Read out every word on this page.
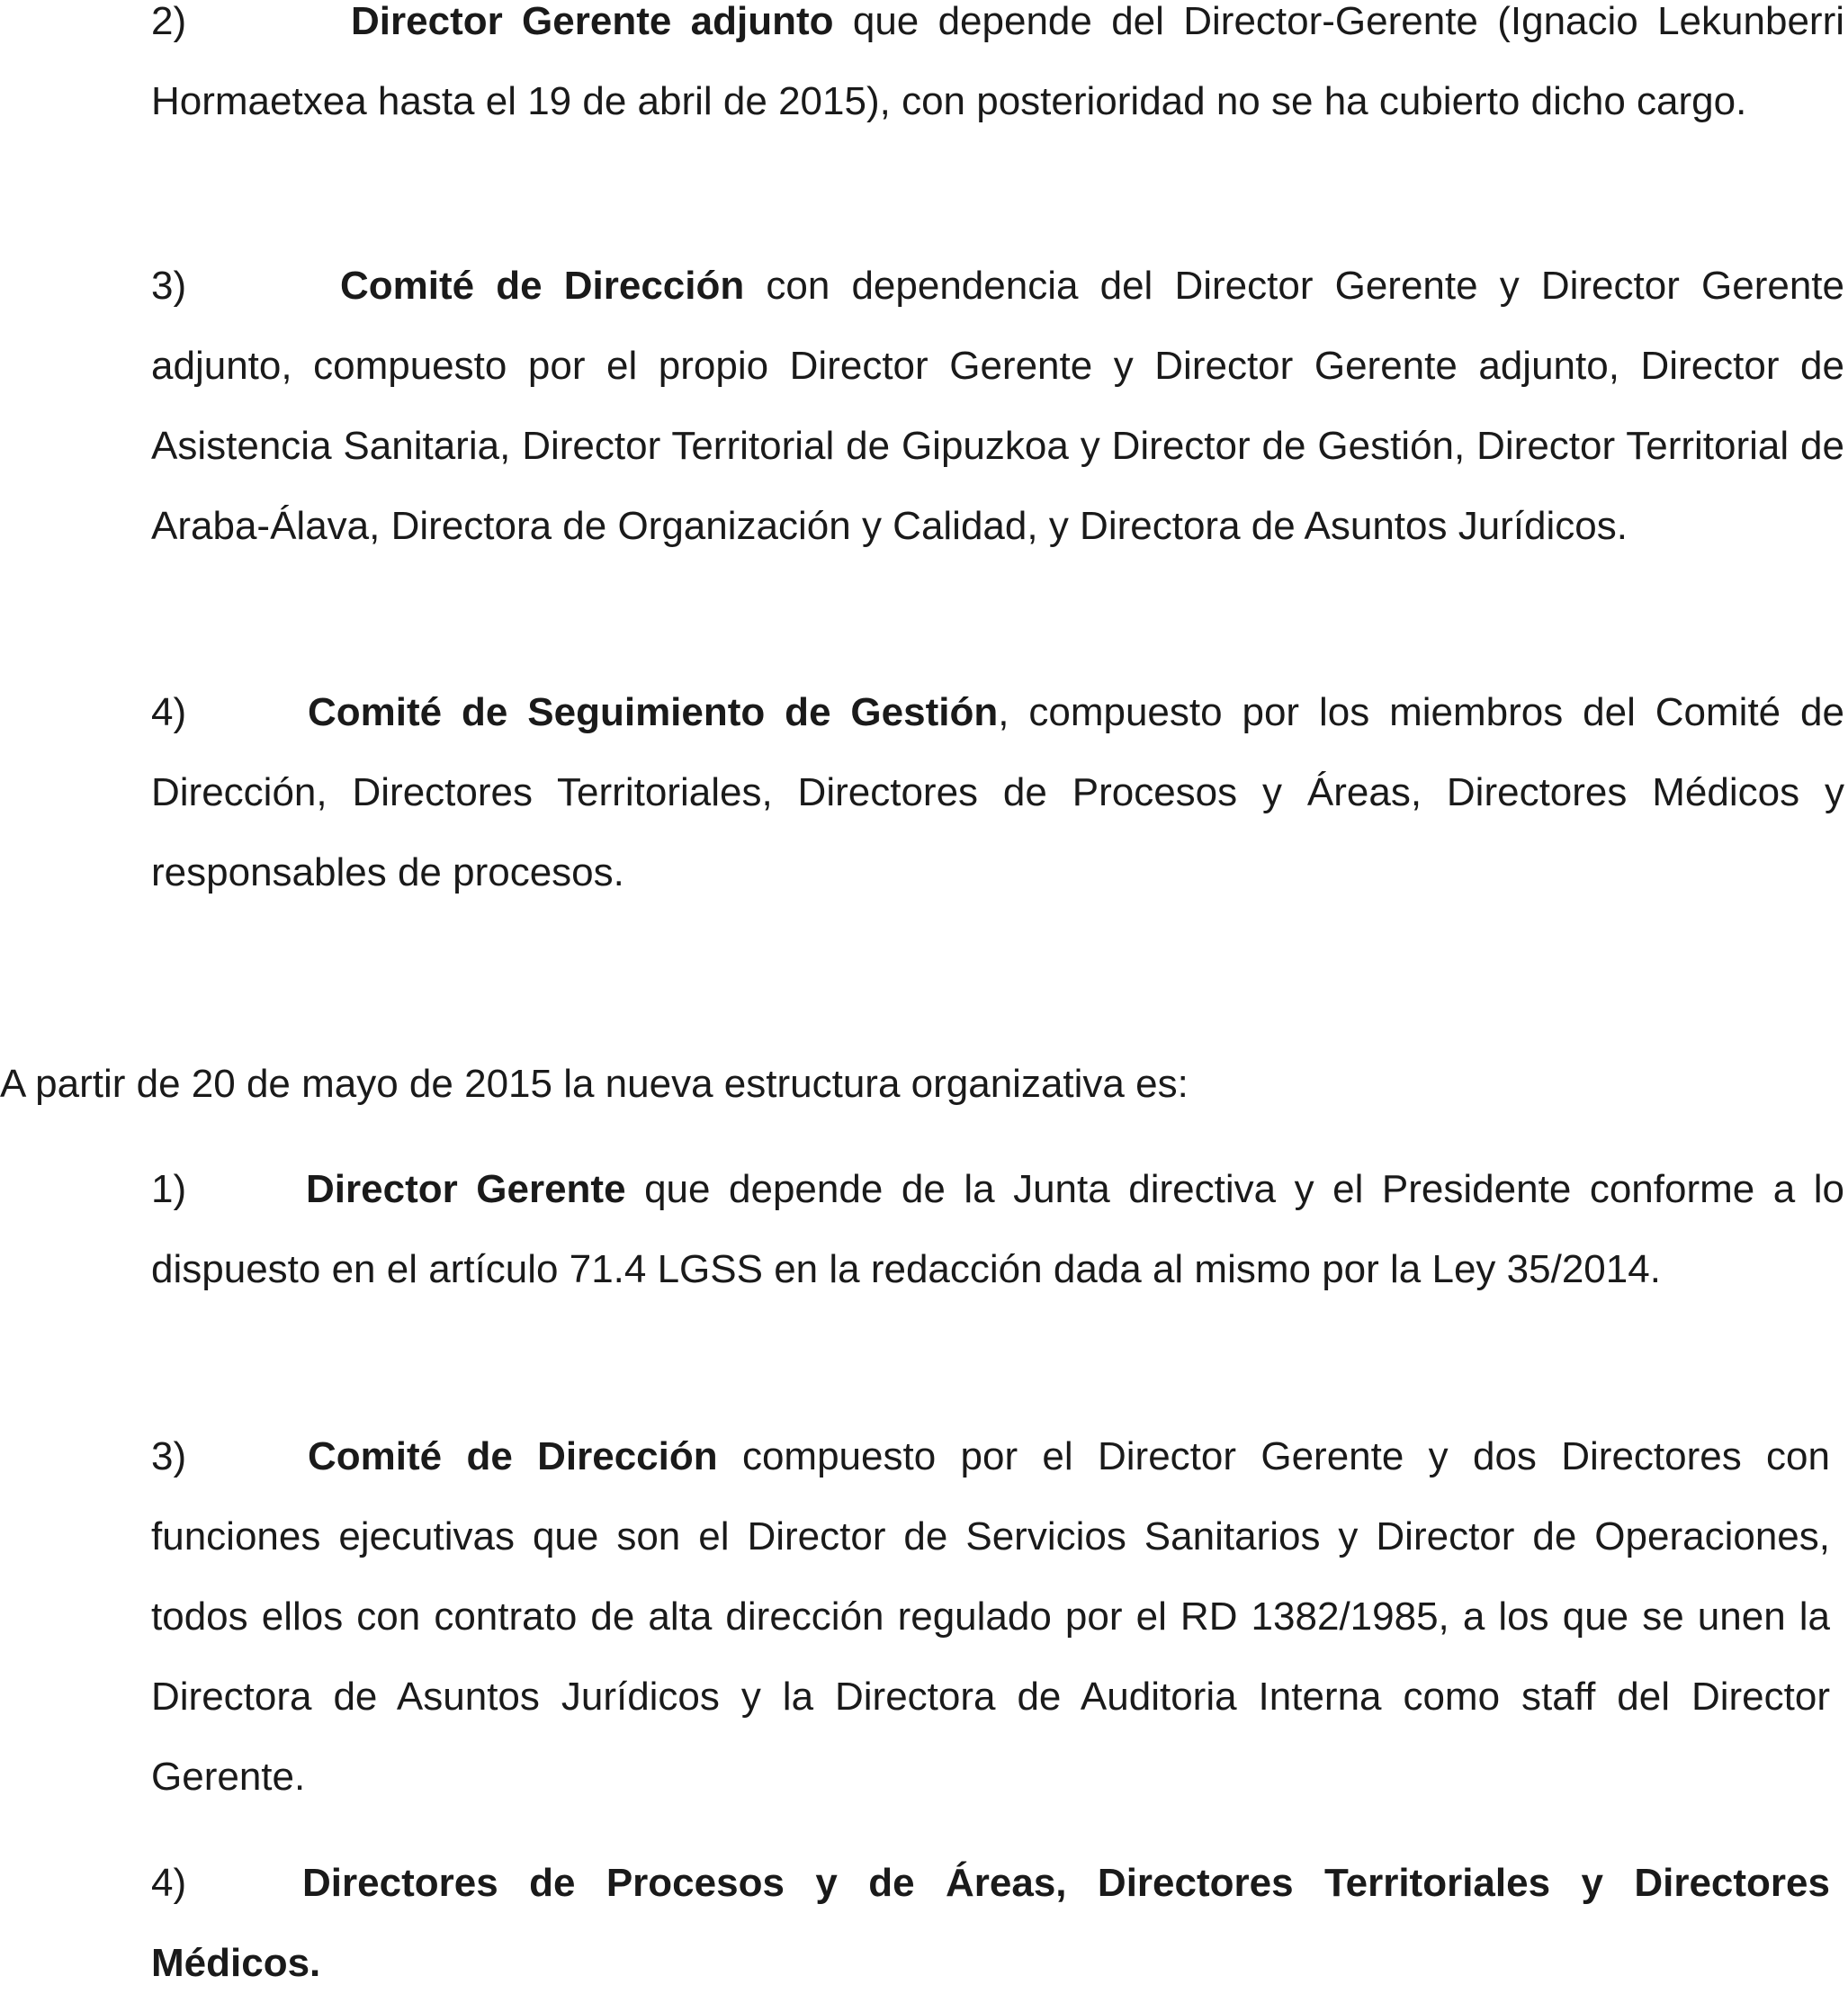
2)	Director Gerente adjunto que depende del Director-Gerente (Ignacio Lekunberri Hormaetxea hasta el 19 de abril de 2015), con posterioridad no se ha cubierto dicho cargo.

3)	Comité de Dirección con dependencia del Director Gerente y Director Gerente adjunto, compuesto por el propio Director Gerente y Director Gerente adjunto, Director de Asistencia Sanitaria, Director Territorial de Gipuzkoa y Director de Gestión, Director Territorial de Araba-Álava, Directora de Organización y Calidad, y Directora de Asuntos Jurídicos.

4)	Comité de Seguimiento de Gestión, compuesto por los miembros del Comité de Dirección, Directores Territoriales, Directores de Procesos y Áreas, Directores Médicos y responsables de procesos.

A partir de 20 de mayo de 2015 la nueva estructura organizativa es:

1)	Director Gerente que depende de la Junta directiva y el Presidente conforme a lo dispuesto en el artículo 71.4 LGSS en la redacción dada al mismo por la Ley 35/2014.

3)	Comité de Dirección compuesto por el Director Gerente y dos Directores con funciones ejecutivas que son el Director de Servicios Sanitarios y Director de Operaciones, todos ellos con contrato de alta dirección regulado por el RD 1382/1985, a los que se unen la Directora de Asuntos Jurídicos y la Directora de Auditoria Interna como staff del Director Gerente.

4)	Directores de Procesos y de Áreas, Directores Territoriales y Directores Médicos.
